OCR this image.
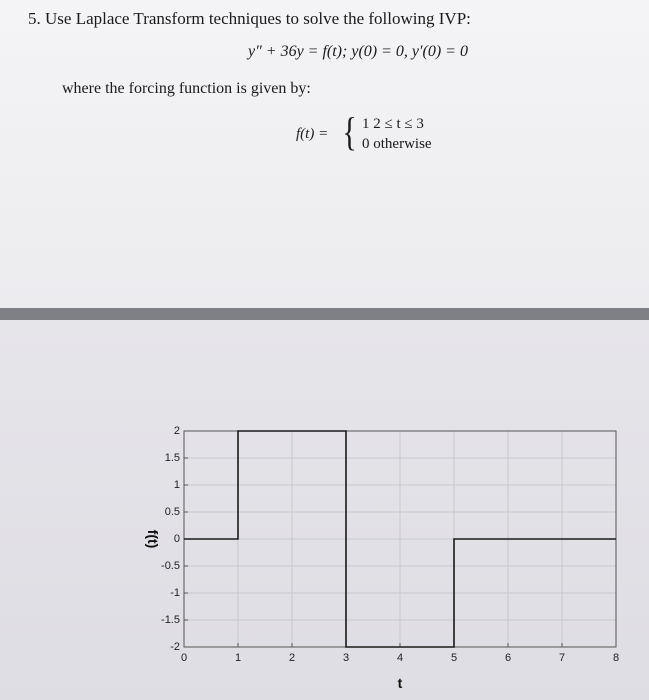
5. Use Laplace Transform techniques to solve the following IVP:
y″ + 36y = f(t); y(0) = 0, y′(0) = 0
where the forcing function is given by:
f(t) = { 1 2 ≤ t ≤ 3
0 otherwise
0	1	2	3	4	5	6	7	8
-2
-1.5
-1
-0.5
0
0.5
1
1.5
2
f(t)
t
